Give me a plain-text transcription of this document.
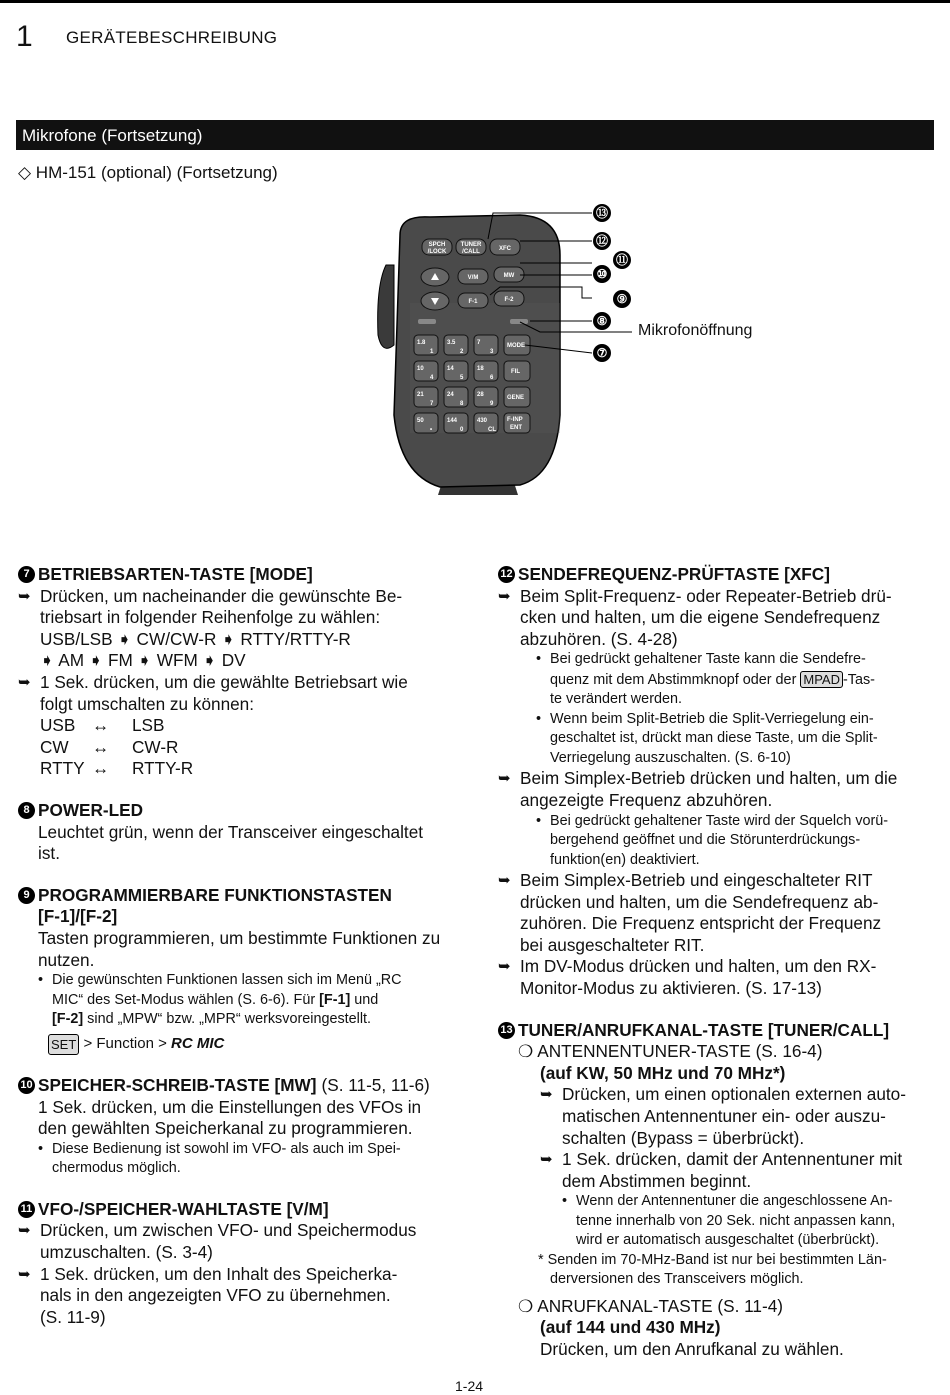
1 GERÄTEBESCHREIBUNG
Mikrofone (Fortsetzung)
◇ HM-151 (optional) (Fortsetzung)
SPCH
/LOCK
TUNER
/CALL	XFC
V/M	MW
F-1	F-2
1.8
1
3.5
2
7
3
MODE
10
4
14
5
18
6
FIL
21
7
24
8
28
9
GENE
50
•
144
0
430
CL
F-INP
ENT
⑬
⑫
⑪
⑩
⑨
⑧
⑦
Mikrofonöffnung
7 BETRIEBSARTEN-TASTE [MODE]
➥ Drücken, um nacheinander die gewünschte Be-

triebsart in folgender Reihenfolge zu wählen:

USB/LSB ➧ CW/CW-R ➧ RTTY/RTTY-R

➧ AM ➧ FM ➧ WFM ➧ DV

➥ 1 Sek. drücken, um die gewählte Betriebsart wie

folgt umschalten zu können:

USB ↔	LSB
CW	↔	CW-R
RTTY ↔	RTTY-R
8 POWER-LED

Leuchtet grün, wenn der Transceiver eingeschaltet

ist.

9 PROGRAMMIERBARE FUNKTIONSTASTEN

[F-1]/[F-2]

Tasten programmieren, um bestimmte Funktionen zu

nutzen.

• Die gewünschten Funktionen lassen sich im Menü „RC

MIC“ des Set-Modus wählen (S. 6-6). Für [F-1] und

[F-2] sind „MPW“ bzw. „MPR“ werksvoreingestellt.

SET
> Function >
RC MIC
10 SPEICHER-SCHREIB-TASTE [MW] (S. 11-5, 11-6)

1 Sek. drücken, um die Einstellungen des VFOs in

den gewählten Speicherkanal zu programmieren.

• Diese Bedienung ist sowohl im VFO- als auch im Spei-

chermodus möglich.

11 VFO-/SPEICHER-WAHLTASTE [V/M]
➥ Drücken, um zwischen VFO- und Speichermodus

umzuschalten. (S. 3-4)

➥ 1 Sek. drücken, um den Inhalt des Speicherka-

nals in den angezeigten VFO zu übernehmen.

(S. 11-9)

12 SENDEFREQUENZ-PRÜFTASTE [XFC]
➥ Beim Split-Frequenz- oder Repeater-Betrieb drü-

cken und halten, um die eigene Sendefrequenz

abzuhören. (S. 4-28)

• Bei gedrückt gehaltener Taste kann die Sendefre-

quenz mit dem Abstimmknopf oder der MPAD -Tas-

te verändert werden.

• Wenn beim Split-Betrieb die Split-Verriegelung ein-

geschaltet ist, drückt man diese Taste, um die Split-

Verriegelung auszuschalten. (S. 6-10)

➥ Beim Simplex-Betrieb drücken und halten, um die

angezeigte Frequenz abzuhören.

• Bei gedrückt gehaltener Taste wird der Squelch vorü-

bergehend geöffnet und die Störunterdrückungs-

funktion(en) deaktiviert.

➥ Beim Simplex-Betrieb und eingeschalteter RIT

drücken und halten, um die Sendefrequenz ab-

zuhören. Die Frequenz entspricht der Frequenz

bei ausgeschalteter RIT.

➥ Im DV-Modus drücken und halten, um den RX-

Monitor-Modus zu aktivieren. (S. 17-13)

13 TUNER/ANRUFKANAL-TASTE [TUNER/CALL]

❍ ANTENNENTUNER-TASTE (S. 16-4)

(auf KW, 50 MHz und 70 MHz*)

➥ Drücken, um einen optionalen externen auto-

matischen Antennentuner ein- oder auszu-

schalten (Bypass = überbrückt).

➥ 1 Sek. drücken, damit der Antennentuner mit

dem Abstimmen beginnt.

• Wenn der Antennentuner die angeschlossene An-

tenne innerhalb von 20 Sek. nicht anpassen kann,

wird er automatisch ausgeschaltet (überbrückt).

* Senden im 70-MHz-Band ist nur bei bestimmten Län-

derversionen des Transceivers möglich.

❍ ANRUFKANAL-TASTE (S. 11-4)

(auf 144 und 430 MHz)

Drücken, um den Anrufkanal zu wählen.

1-24
